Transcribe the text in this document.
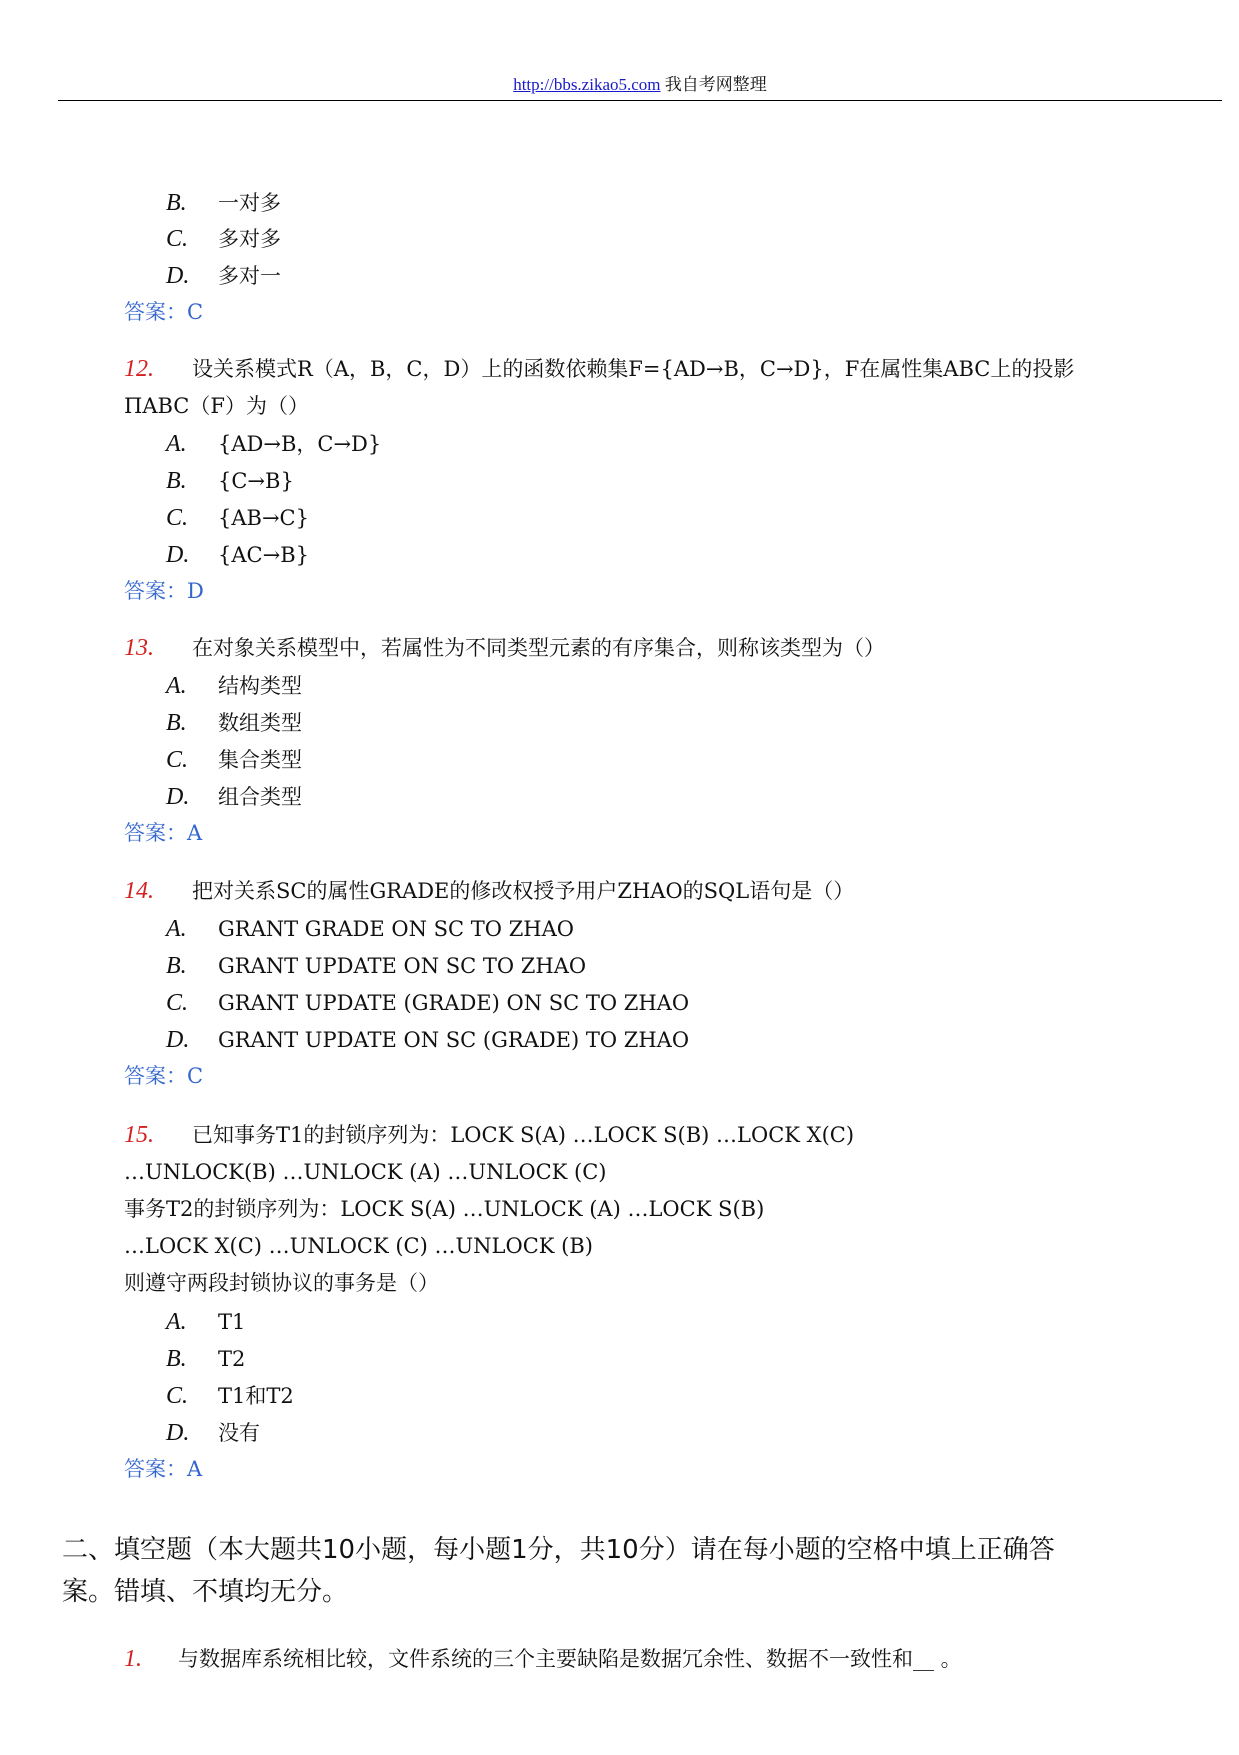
http://bbs.zikao5.com 我自考网整理
B. 一对多
C. 多对多
D. 多对一
答案：C
12. 设关系模式R（A，B，C，D）上的函数依赖集F={AD→B，C→D}，F在属性集ABC上的投影
ΠABC（F）为（）
A. {AD→B，C→D}
B. {C→B}
C. {AB→C}
D. {AC→B}
答案：D
13. 在对象关系模型中，若属性为不同类型元素的有序集合，则称该类型为（）
A. 结构类型
B. 数组类型
C. 集合类型
D. 组合类型
答案：A
14. 把对关系SC的属性GRADE的修改权授予用户ZHAO的SQL语句是（）
A. GRANT GRADE ON SC TO ZHAO
B. GRANT UPDATE ON SC TO ZHAO
C. GRANT UPDATE (GRADE) ON SC TO ZHAO
D. GRANT UPDATE ON SC (GRADE) TO ZHAO
答案：C
15. 已知事务T1的封锁序列为：LOCK S(A) …LOCK S(B) …LOCK X(C)
…UNLOCK(B) …UNLOCK (A) …UNLOCK (C)
事务T2的封锁序列为：LOCK S(A) …UNLOCK (A) …LOCK S(B)
…LOCK X(C) …UNLOCK (C) …UNLOCK (B)
则遵守两段封锁协议的事务是（）
A. T1
B. T2
C. T1和T2
D. 没有
答案：A
二、填空题（本大题共10小题，每小题1分，共10分）请在每小题的空格中填上正确答
案。错填、不填均无分。
1. 与数据库系统相比较，文件系统的三个主要缺陷是数据冗余性、数据不一致性和__ 。
